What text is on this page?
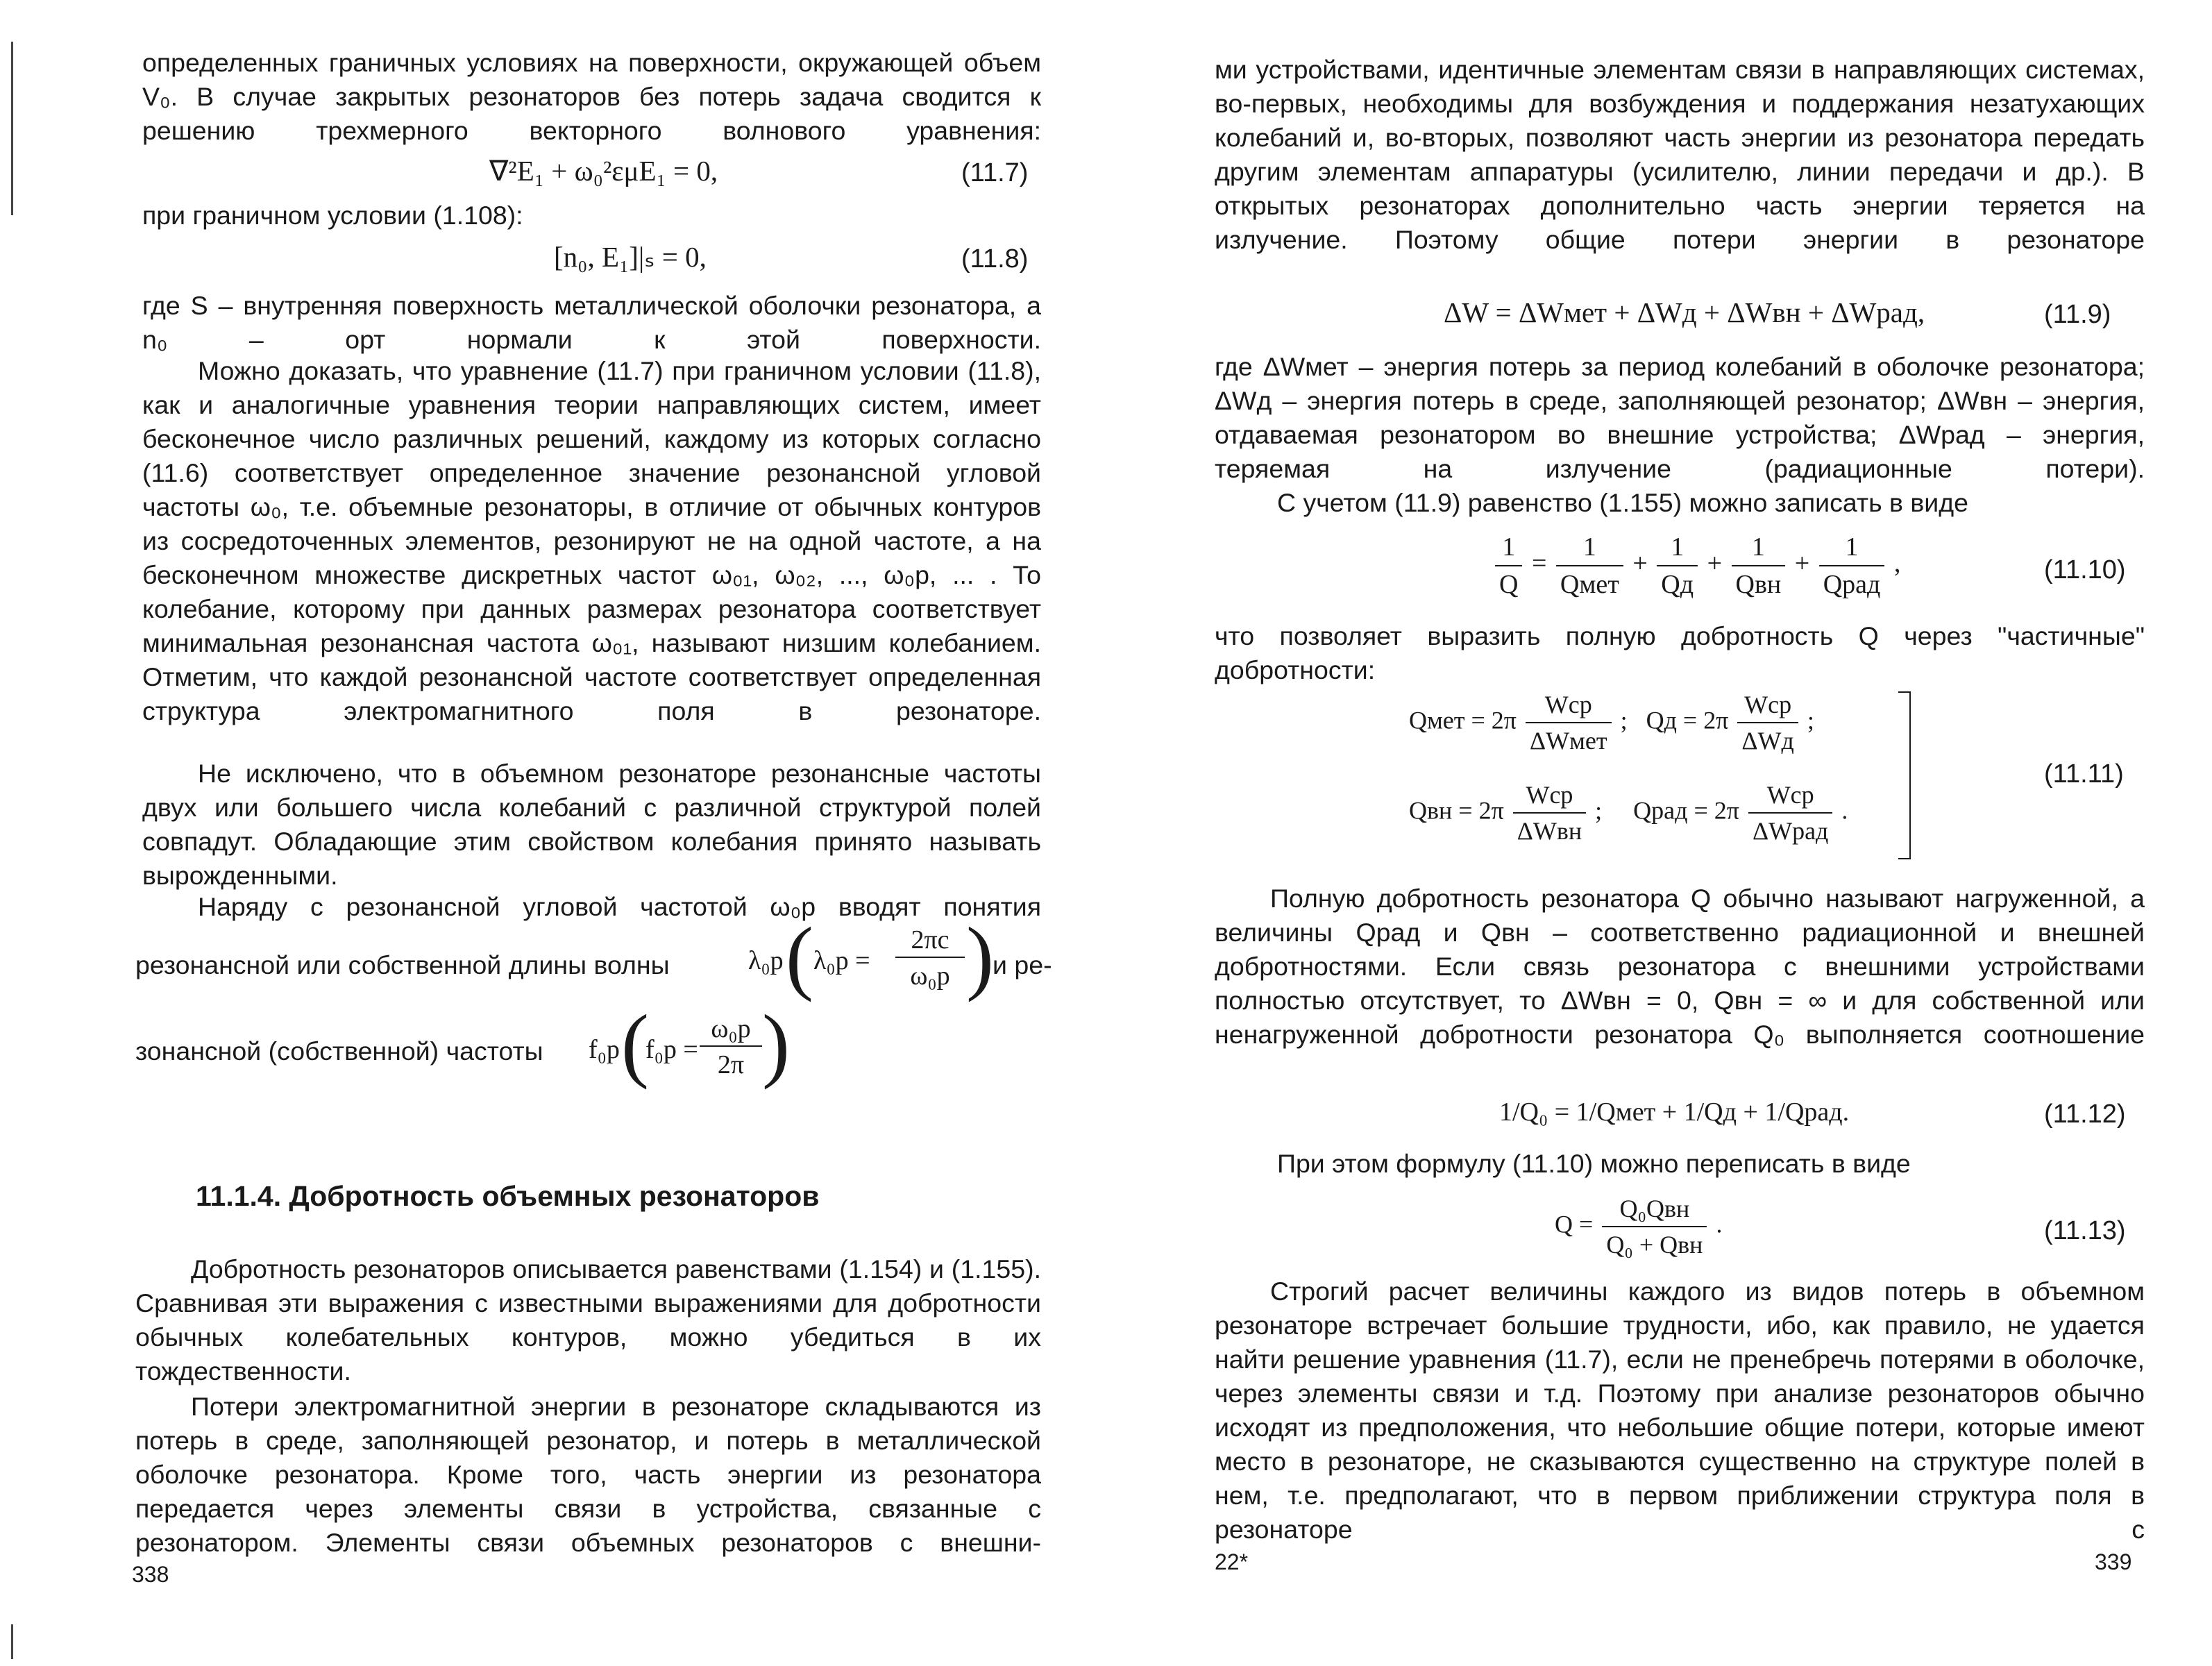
определенных граничных условиях на поверхности, окружающей объем V₀. В случае закрытых резонаторов без потерь задача сводится к решению трехмерного векторного волнового уравнения:

∇²E₁ + ω₀²εμE₁ = 0,	(11.7)

при граничном условии (1.108):

[n₀, E₁]|ₛ = 0,	(11.8)

где S – внутренняя поверхность металлической оболочки резонатора, а n₀ – орт нормали к этой поверхности.

Можно доказать, что уравнение (11.7) при граничном условии (11.8), как и аналогичные уравнения теории направляющих систем, имеет бесконечное число различных решений, каждому из которых согласно (11.6) соответствует определенное значение резонансной угловой частоты ω₀, т.е. объемные резонаторы, в отличие от обычных контуров из сосредоточенных элементов, резонируют не на одной частоте, а на бесконечном множестве дискретных частот ω₀₁, ω₀₂, ..., ω₀p, ... . То колебание, которому при данных размерах резонатора соответствует минимальная резонансная частота ω₀₁, называют низшим колебанием. Отметим, что каждой резонансной частоте соответствует определенная структура электромагнитного поля в резонаторе.

Не исключено, что в объемном резонаторе резонансные частоты двух или большего числа колебаний с различной структурой полей совпадут. Обладающие этим свойством колебания принято называть вырожденными.

Наряду с резонансной угловой частотой ω₀p вводят понятия

резонансной или собственной длины волны	λ₀p ( $\lambda_0p = \frac{2\pi c}{\text{ω₀p}}$ )
и ре-
зонансной (собственной) частоты	f₀p (
$f_0p = \frac{\text{ω₀p}}{2\pi}$ )
11.1.4. Добротность объемных резонаторов

Добротность резонаторов описывается равенствами (1.154) и (1.155). Сравнивая эти выражения с известными выражениями для добротности обычных колебательных контуров, можно убедиться в их тождественности.

Потери электромагнитной энергии в резонаторе складываются из потерь в среде, заполняющей резонатор, и потерь в металлической оболочке резонатора. Кроме того, часть энергии из резонатора передается через элементы связи в устройства, связанные с резонатором. Элементы связи объемных резонаторов с внешни-

338

ми устройствами, идентичные элементам связи в направляющих системах, во-первых, необходимы для возбуждения и поддержания незатухающих колебаний и, во-вторых, позволяют часть энергии из резонатора передать другим элементам аппаратуры (усилителю, линии передачи и др.). В открытых резонаторах дополнительно часть энергии теряется на излучение. Поэтому общие потери энергии в резонаторе

ΔW = ΔWмет + ΔWд + ΔWвн + ΔWрад,	(11.9)

где ΔWмет – энергия потерь за период колебаний в оболочке резонатора; ΔWд – энергия потерь в среде, заполняющей резонатор; ΔWвн – энергия, отдаваемая резонатором во внешние устройства; ΔWрад – энергия, теряемая на излучение (радиационные потери).

С учетом (11.9) равенство (1.155) можно записать в виде

$\frac{1}{Q} = \frac{1}{\text{Qмет}} + \frac{1}{Qд} + \frac{1}{\text{Qвн}} + \frac{1}{\text{Qрад}}$ ,	(11.10)

что позволяет выразить полную добротность Q через "частичные" добротности:

Qмет = $2\pi \frac{\text{Wср}}{\text{ΔWмет}}$ ;   Qд = $2\pi \frac{\text{Wср}}{\text{ΔWд}}$ ;
Qвн = $2\pi \frac{\text{Wср}}{\text{ΔWвн}}$ ;     Qрад = $2\pi \frac{\text{Wср}}{\text{ΔWрад}}$ .
(11.11)

Полную добротность резонатора Q обычно называют нагруженной, а величины Qрад и Qвн – соответственно радиационной и внешней добротностями. Если связь резонатора с внешними устройствами полностью отсутствует, то ΔWвн = 0, Qвн = ∞ и для собственной или ненагруженной добротности резонатора Q₀ выполняется соотношение

1/Q₀ = 1/Qмет + 1/Qд + 1/Qрад.	(11.12)

При этом формулу (11.10) можно переписать в виде

$Q = \frac{\text{Q₀Qвн}}{\text{Q₀ + Qвн}}$ .	(11.13)

Строгий расчет величины каждого из видов потерь в объемном резонаторе встречает большие трудности, ибо, как правило, не удается найти решение уравнения (11.7), если не пренебречь потерями в оболочке, через элементы связи и т.д. Поэтому при анализе резонаторов обычно исходят из предположения, что небольшие общие потери, которые имеют место в резонаторе, не сказываются существенно на структуре полей в нем, т.е. предполагают, что в первом приближении структура поля в резонаторе с

22*	339
